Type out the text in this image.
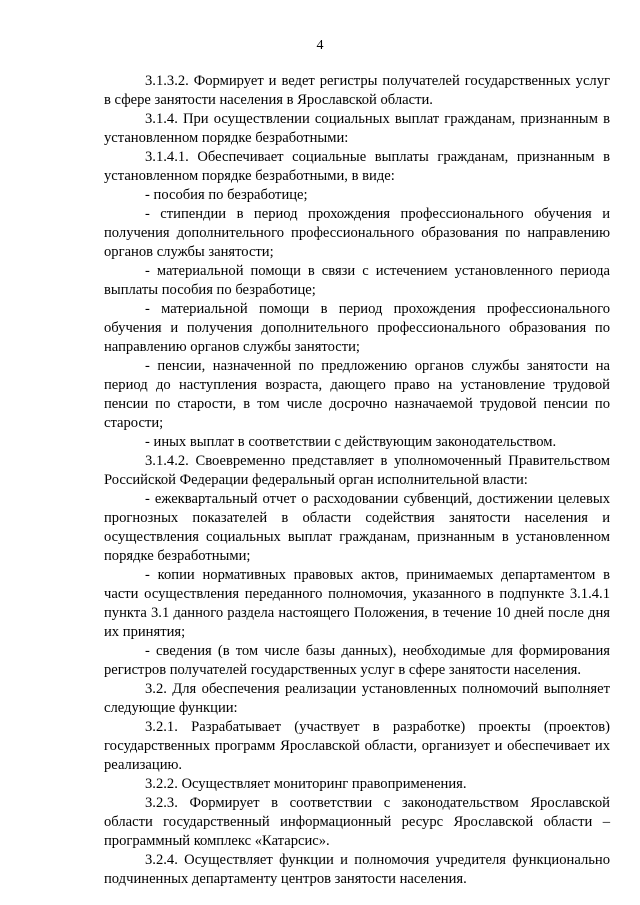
4

3.1.3.2. Формирует и ведет регистры получателей государственных услуг в сфере занятости населения в Ярославской области.

3.1.4. При осуществлении социальных выплат гражданам, признанным в установленном порядке безработными:

3.1.4.1. Обеспечивает социальные выплаты гражданам, признанным в установленном порядке безработными, в виде:

- пособия по безработице;

- стипендии в период прохождения профессионального обучения и получения дополнительного профессионального образования по направлению органов службы занятости;

- материальной помощи в связи с истечением установленного периода выплаты пособия по безработице;

- материальной помощи в период прохождения профессионального обучения и получения дополнительного профессионального образования по направлению органов службы занятости;

- пенсии, назначенной по предложению органов службы занятости на период до наступления возраста, дающего право на установление трудовой пенсии по старости, в том числе досрочно назначаемой трудовой пенсии по старости;

- иных выплат в соответствии с действующим законодательством.

3.1.4.2. Своевременно представляет в уполномоченный Правительством Российской Федерации федеральный орган исполнительной власти:

- ежеквартальный отчет о расходовании субвенций, достижении целевых прогнозных показателей в области содействия занятости населения и осуществления социальных выплат гражданам, признанным в установленном порядке безработными;

- копии нормативных правовых актов, принимаемых департаментом в части осуществления переданного полномочия, указанного в подпункте 3.1.4.1 пункта 3.1 данного раздела настоящего Положения, в течение 10 дней после дня их принятия;

- сведения (в том числе базы данных), необходимые для формирования регистров получателей государственных услуг в сфере занятости населения.

3.2. Для обеспечения реализации установленных полномочий выполняет следующие функции:

3.2.1. Разрабатывает (участвует в разработке) проекты (проектов) государственных программ Ярославской области, организует и обеспечивает их реализацию.

3.2.2. Осуществляет мониторинг правоприменения.

3.2.3. Формирует в соответствии с законодательством Ярославской области государственный информационный ресурс Ярославской области – программный комплекс «Катарсис».

3.2.4. Осуществляет функции и полномочия учредителя функционально подчиненных департаменту центров занятости населения.
